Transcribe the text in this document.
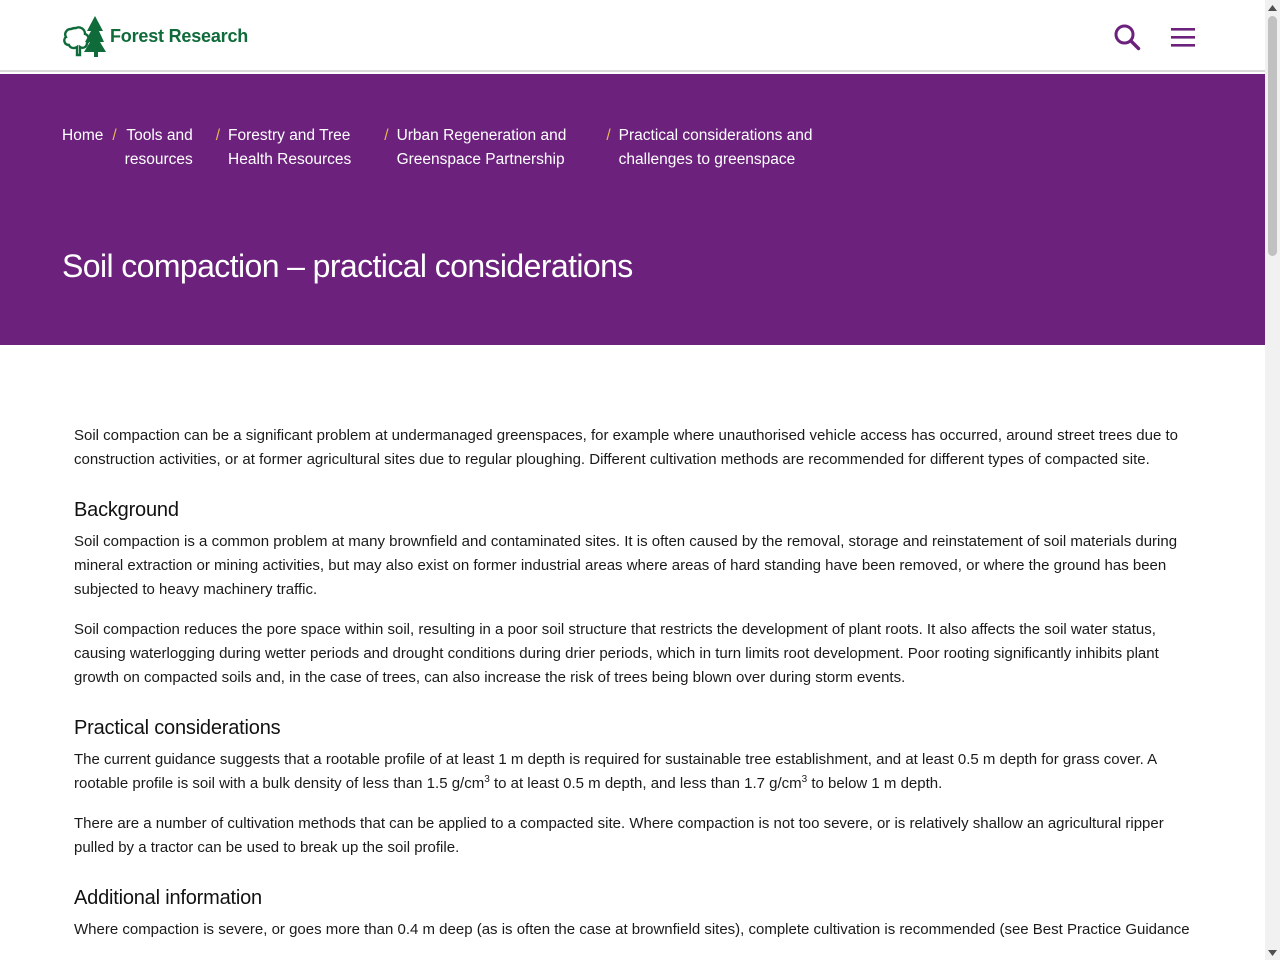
Forest Research
Home / Tools and
resources
/ Forestry and Tree
Health Resources
/ Urban Regeneration and
Greenspace Partnership
/ Practical considerations and
challenges to greenspace
Soil compaction – practical considerations

Soil compaction can be a significant problem at undermanaged greenspaces, for example where unauthorised vehicle access has occurred, around street trees due to construction activities, or at former agricultural sites due to regular ploughing. Different cultivation methods are recommended for different types of compacted site.

Background

Soil compaction is a common problem at many brownfield and contaminated sites. It is often caused by the removal, storage and reinstatement of soil materials during mineral extraction or mining activities, but may also exist on former industrial areas where areas of hard standing have been removed, or where the ground has been subjected to heavy machinery traffic.

Soil compaction reduces the pore space within soil, resulting in a poor soil structure that restricts the development of plant roots. It also affects the soil water status, causing waterlogging during wetter periods and drought conditions during drier periods, which in turn limits root development. Poor rooting significantly inhibits plant growth on compacted soils and, in the case of trees, can also increase the risk of trees being blown over during storm events.

Practical considerations

The current guidance suggests that a rootable profile of at least 1 m depth is required for sustainable tree establishment, and at least 0.5 m depth for grass cover. A rootable profile is soil with a bulk density of less than 1.5 $g/cm^3$ to at least 0.5 m depth, and less than 1.7 $g/cm^3$ to below 1 m depth.

There are a number of cultivation methods that can be applied to a compacted site. Where compaction is not too severe, or is relatively shallow an agricultural ripper pulled by a tractor can be used to break up the soil profile.

Additional information

Where compaction is severe, or goes more than 0.4 m deep (as is often the case at brownfield sites), complete cultivation is recommended (see Best Practice Guidance
